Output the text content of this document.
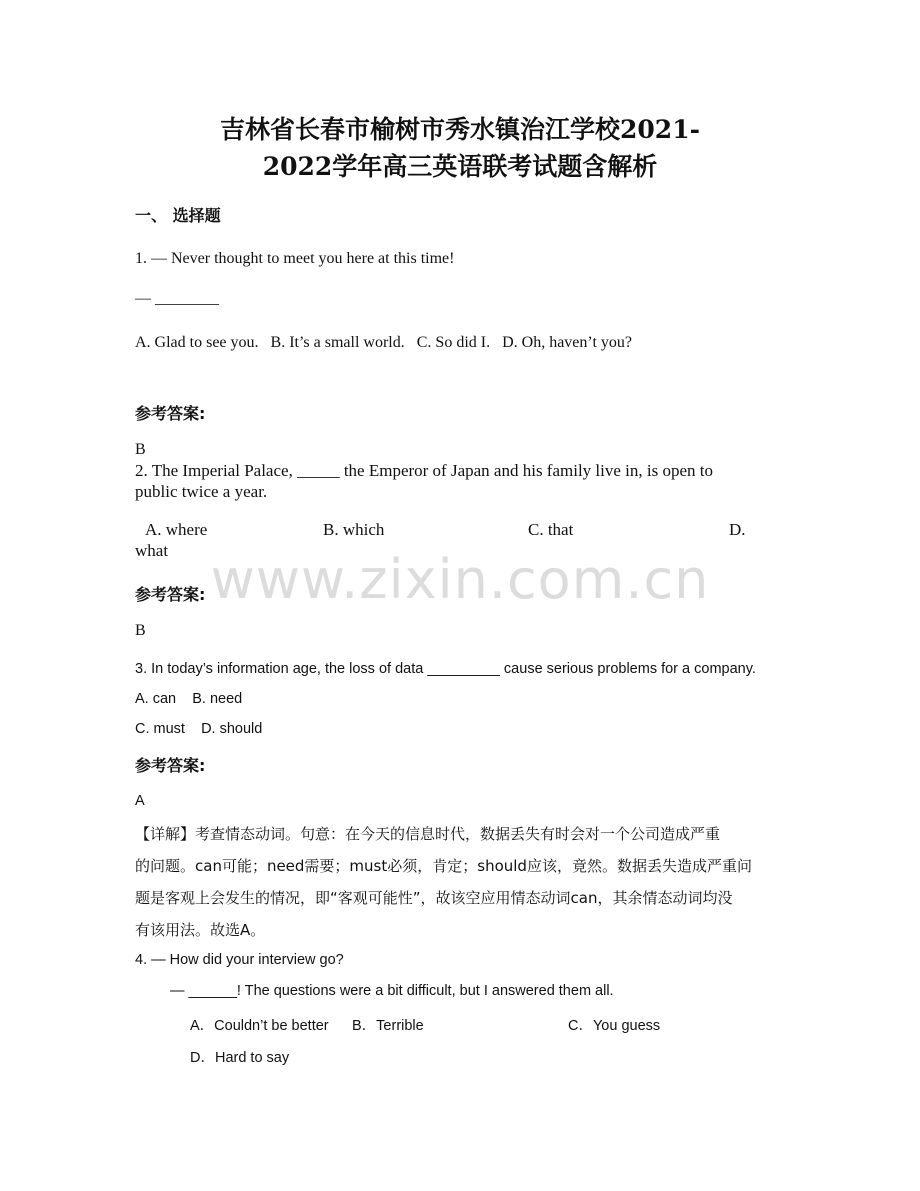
www.zixin.com.cn
吉林省长春市榆树市秀水镇治江学校2021-
2022学年高三英语联考试题含解析
一、 选择题
1. — Never thought to meet you here at this time!
— ________
A. Glad to see you.   B. It’s a small world.   C. So did I.   D. Oh, haven’t you?
参考答案:
B
2. The Imperial Palace, _____ the Emperor of Japan and his family live in, is open to
public twice a year.
A. where	B. which	C. that	D.
what
参考答案:
B
3. In today’s information age, the loss of data _________ cause serious problems for a company.
A. can    B. need
C. must    D. should
参考答案:
A
【详解】考查情态动词。句意：在今天的信息时代，数据丢失有时会对一个公司造成严重
的问题。can可能；need需要；must必须，肯定；should应该，竟然。数据丢失造成严重问
题是客观上会发生的情况，即“客观可能性”，故该空应用情态动词can，其余情态动词均没
有该用法。故选A。
4. — How did your interview go?
— ______! The questions were a bit difficult, but I answered them all.
A．Couldn’t be better B．Terrible	C．You guess
D．Hard to say
